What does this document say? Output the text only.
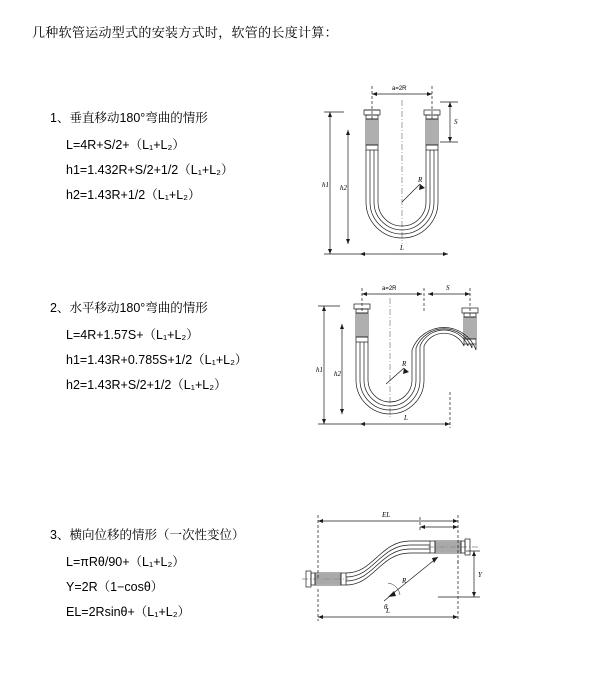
几种软管运动型式的安装方式时，软管的长度计算：

1、垂直移动180°弯曲的情形

L=4R+S/2+（L₁+L₂）

h1=1.432R+S/2+1/2（L₁+L₂）

h2=1.43R+1/2（L₁+L₂）

a=2R
S
h1 h2
R
L

2、水平移动180°弯曲的情形

L=4R+1.57S+（L₁+L₂）

h1=1.43R+0.785S+1/2（L₁+L₂）

h2=1.43R+S/2+1/2（L₁+L₂）

a=2R	S
h1 h2
R
L

3、横向位移的情形（一次性变位）

L=πRθ/90+（L₁+L₂）

Y=2R（1−cosθ）

EL=2Rsinθ+（L₁+L₂）

EL
Y
L
R
θ
